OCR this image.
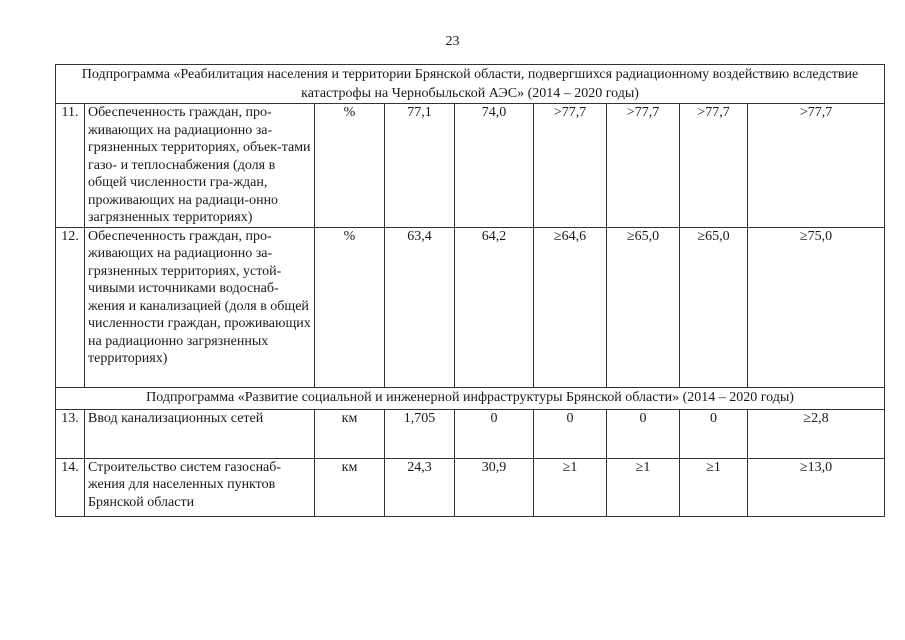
23
Подпрограмма «Реабилитация населения и территории Брянской области, подвергшихся радиационному воздействию вследствие катастрофы на Чернобыльской АЭС» (2014 – 2020 годы)								
11.	Обеспеченность граждан, про-живающих на радиационно за-грязненных территориях, объек-тами газо- и теплоснабжения (доля в общей численности гра-ждан, проживающих на радиаци-онно загрязненных территориях)	%	77,1	74,0	>77,7	>77,7	>77,7	>77,7
12.	Обеспеченность граждан, про-живающих на радиационно за-грязненных территориях, устой-чивыми источниками водоснаб-жения и канализацией (доля в общей численности граждан, проживающих на радиационно загрязненных территориях)	%	63,4	64,2	≥64,6	≥65,0	≥65,0	≥75,0
Подпрограмма «Развитие социальной и инженерной инфраструктуры Брянской области» (2014 – 2020 годы)								
13.	Ввод канализационных сетей	км	1,705	0	0	0	0	≥2,8
14.	Строительство систем газоснаб-жения для населенных пунктов Брянской области	км	24,3	30,9	≥1	≥1	≥1	≥13,0
